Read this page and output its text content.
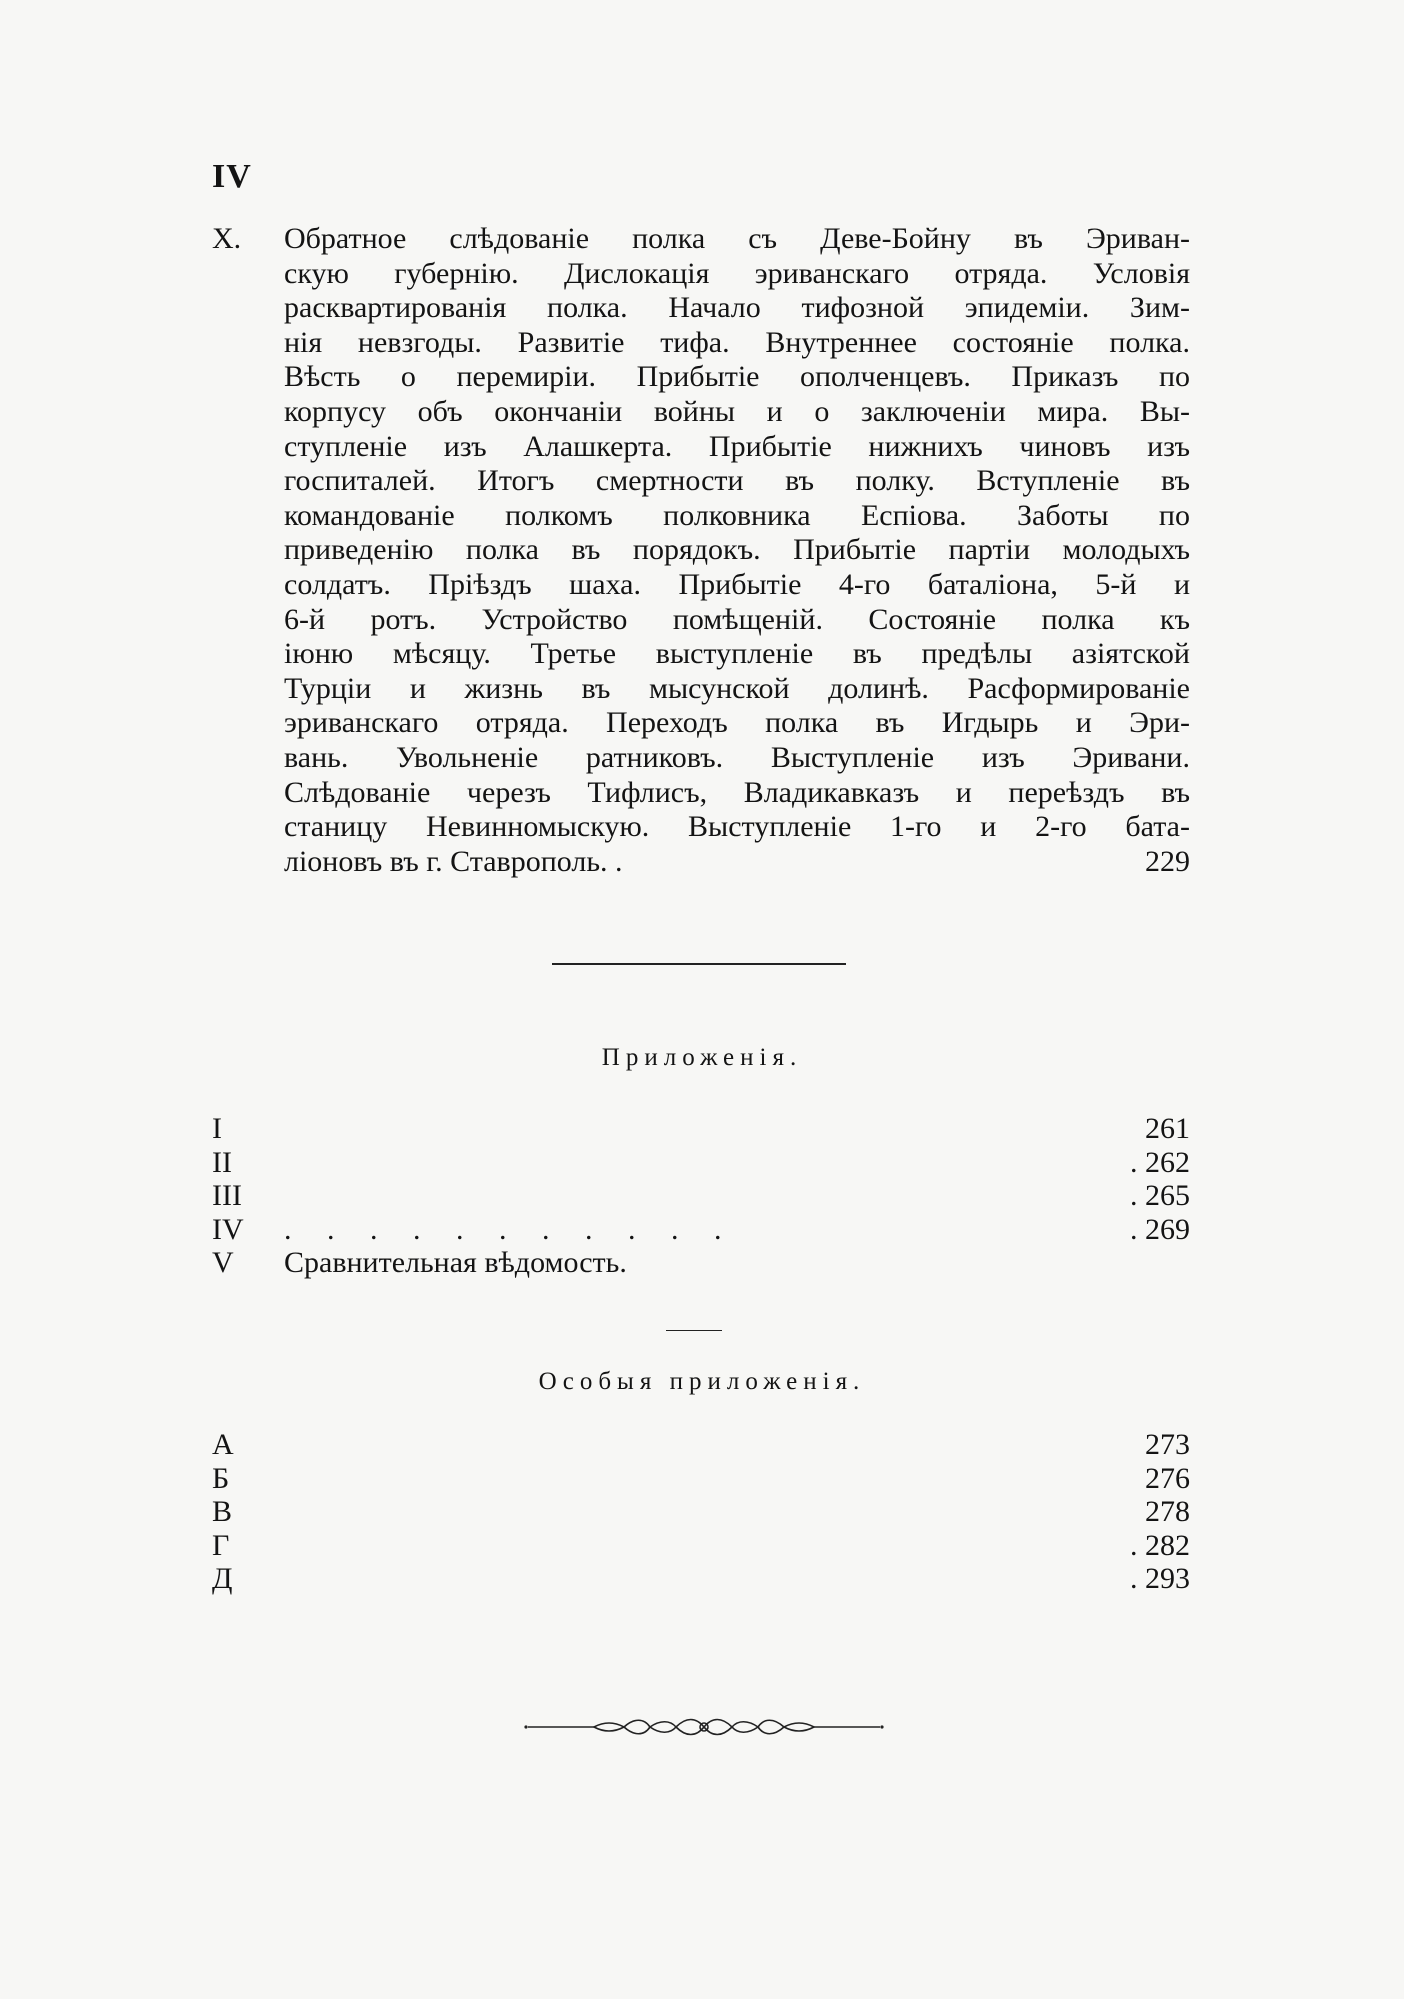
IV
X. Обратное слѣдованіе полка съ Деве-Бойну въ Эриван-
скую губернію. Дислокація эриванскаго отряда. Условія
расквартированія полка. Начало тифозной эпидеміи. Зим-
нія невзгоды. Развитіе тифа. Внутреннее состояніе полка.
Вѣсть о перемиріи. Прибытіе ополченцевъ. Приказъ по
корпусу объ окончаніи войны и о заключеніи мира. Вы-
ступленіе изъ Алашкерта. Прибытіе нижнихъ чиновъ изъ
госпиталей. Итогъ смертности въ полку. Вступленіе въ
командованіе полкомъ полковника Еспіова. Заботы по
приведенію полка въ порядокъ. Прибытіе партіи молодыхъ
солдатъ. Пріѣздъ шаха. Прибытіе 4-го баталіона, 5-й и
6-й ротъ. Устройство помѣщеній. Состояніе полка къ
іюню мѣсяцу. Третье выступленіе въ предѣлы азіятской
Турціи и жизнь въ мысунской долинѣ. Расформированіе
эриванскаго отряда. Переходъ полка въ Игдырь и Эри-
вань. Увольненіе ратниковъ. Выступленіе изъ Эривани.
Слѣдованіе черезъ Тифлисъ, Владикавказъ и переѣздъ въ
станицу Невинномыскую. Выступленіе 1-го и 2-го бата-
ліоновъ въ г. Ставрополь. .	229
Приложенія.
I	261
II	. 262
III	. 265
IV . . . . . . . . . . .	. 269
V Сравнительная вѣдомость.
Особыя приложенія.
А	273
Б	276
В	278
Г	. 282
Д	. 293
